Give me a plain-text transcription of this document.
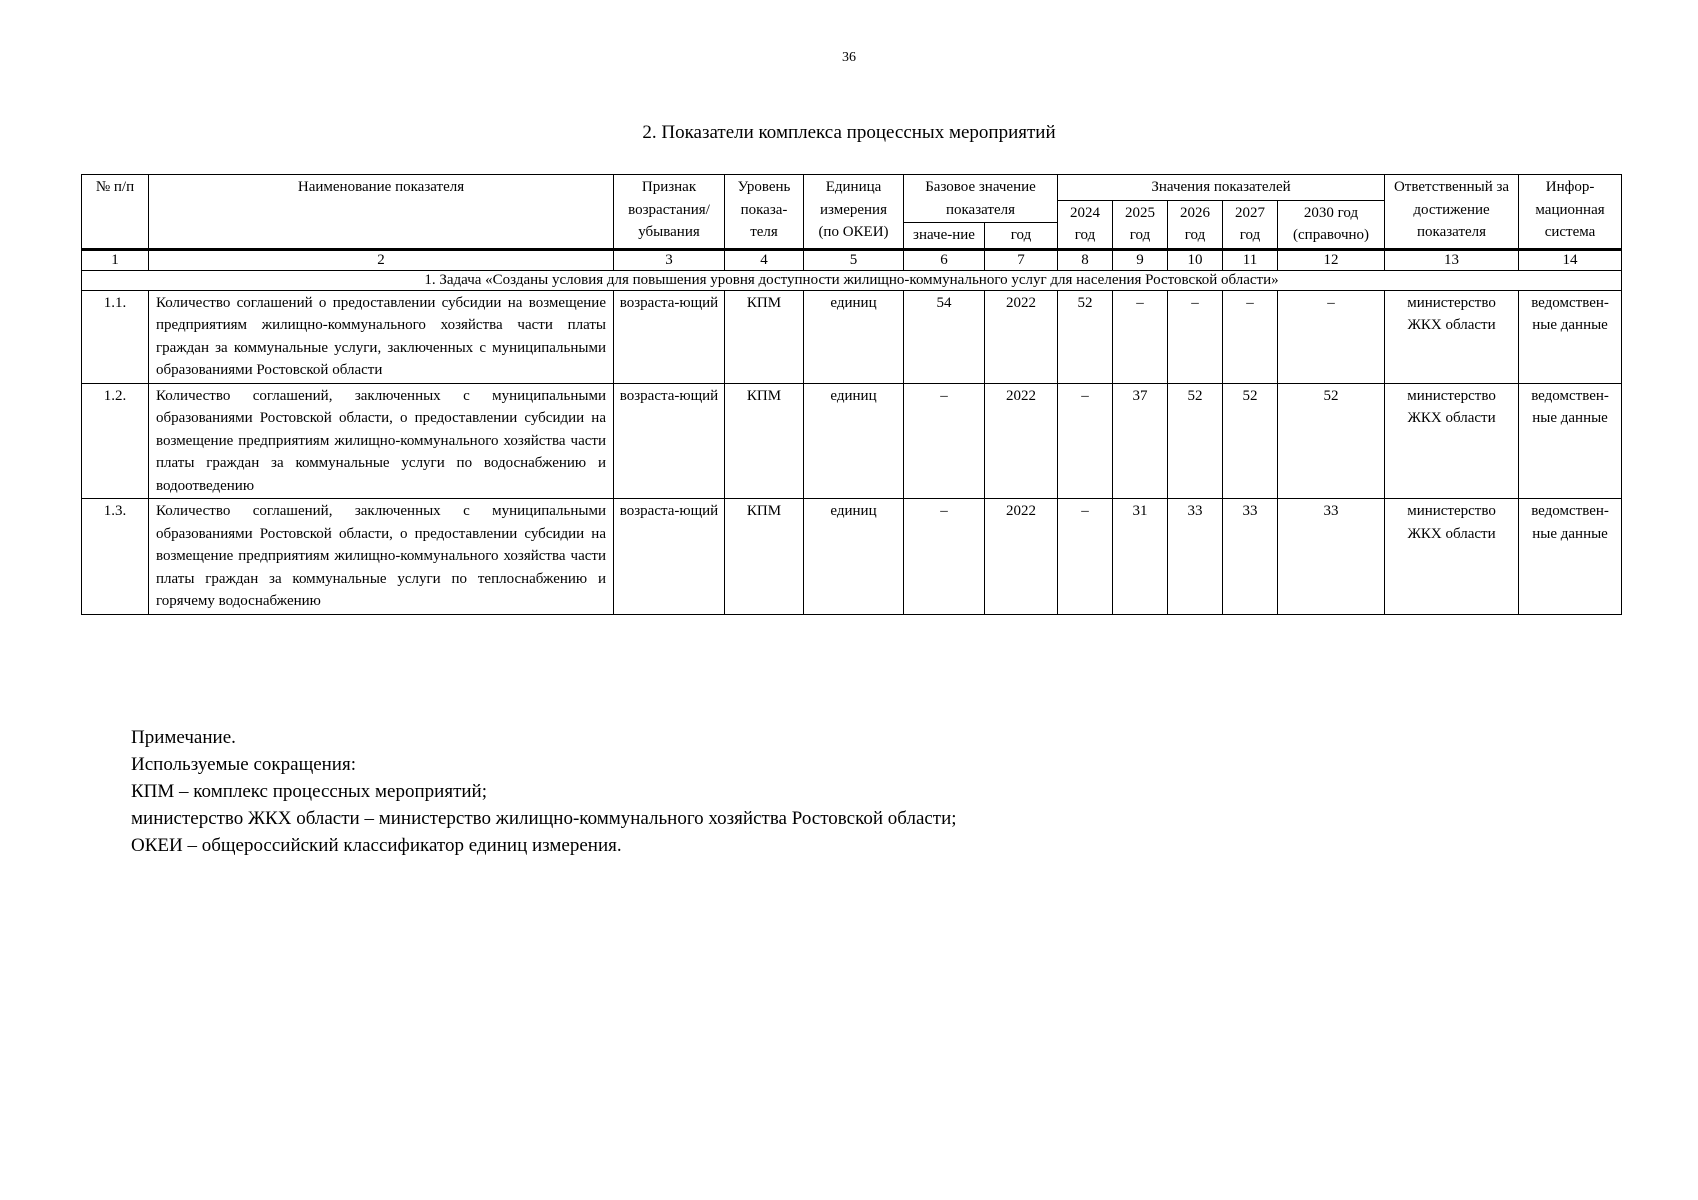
36
2. Показатели комплекса процессных мероприятий
№ п/п	Наименование показателя	Признак возрастания/ убывания	Уровень показа-теля	Единица измерения (по ОКЕИ)	Базовое значение показателя		Значения показателей					Ответственный за достижение показателя	Инфор-мационная система
							2024 год	2025 год	2026 год	2027 год	2030 год (справочно)		
					значе-ние	год							
1	2	3	4	5	6	7	8	9	10	11	12	13	14
1. Задача «Созданы условия для повышения уровня доступности жилищно-коммунального услуг для населения Ростовской области»													
1.1.	Количество соглашений о предоставлении субсидии на возмещение предприятиям жилищно-коммунального хозяйства части платы граждан за коммунальные услуги, заключенных с муниципальными образованиями Ростовской области	возраста-ющий	КПМ	единиц	54	2022	52	–	–	–	–	министерство ЖКХ области	ведомствен-ные данные
1.2.	Количество соглашений, заключенных с муниципальными образованиями Ростовской области, о предоставлении субсидии на возмещение предприятиям жилищно-коммунального хозяйства части платы граждан за коммунальные услуги по водоснабжению и водоотведению	возраста-ющий	КПМ	единиц	–	2022	–	37	52	52	52	министерство ЖКХ области	ведомствен-ные данные
1.3.	Количество соглашений, заключенных с муниципальными образованиями Ростовской области, о предоставлении субсидии на возмещение предприятиям жилищно-коммунального хозяйства части платы граждан за коммунальные услуги по теплоснабжению и горячему водоснабжению	возраста-ющий	КПМ	единиц	–	2022	–	31	33	33	33	министерство ЖКХ области	ведомствен-ные данные
Примечание.
Используемые сокращения:
КПМ – комплекс процессных мероприятий;
министерство ЖКХ области – министерство жилищно-коммунального хозяйства Ростовской области;
ОКЕИ – общероссийский классификатор единиц измерения.
